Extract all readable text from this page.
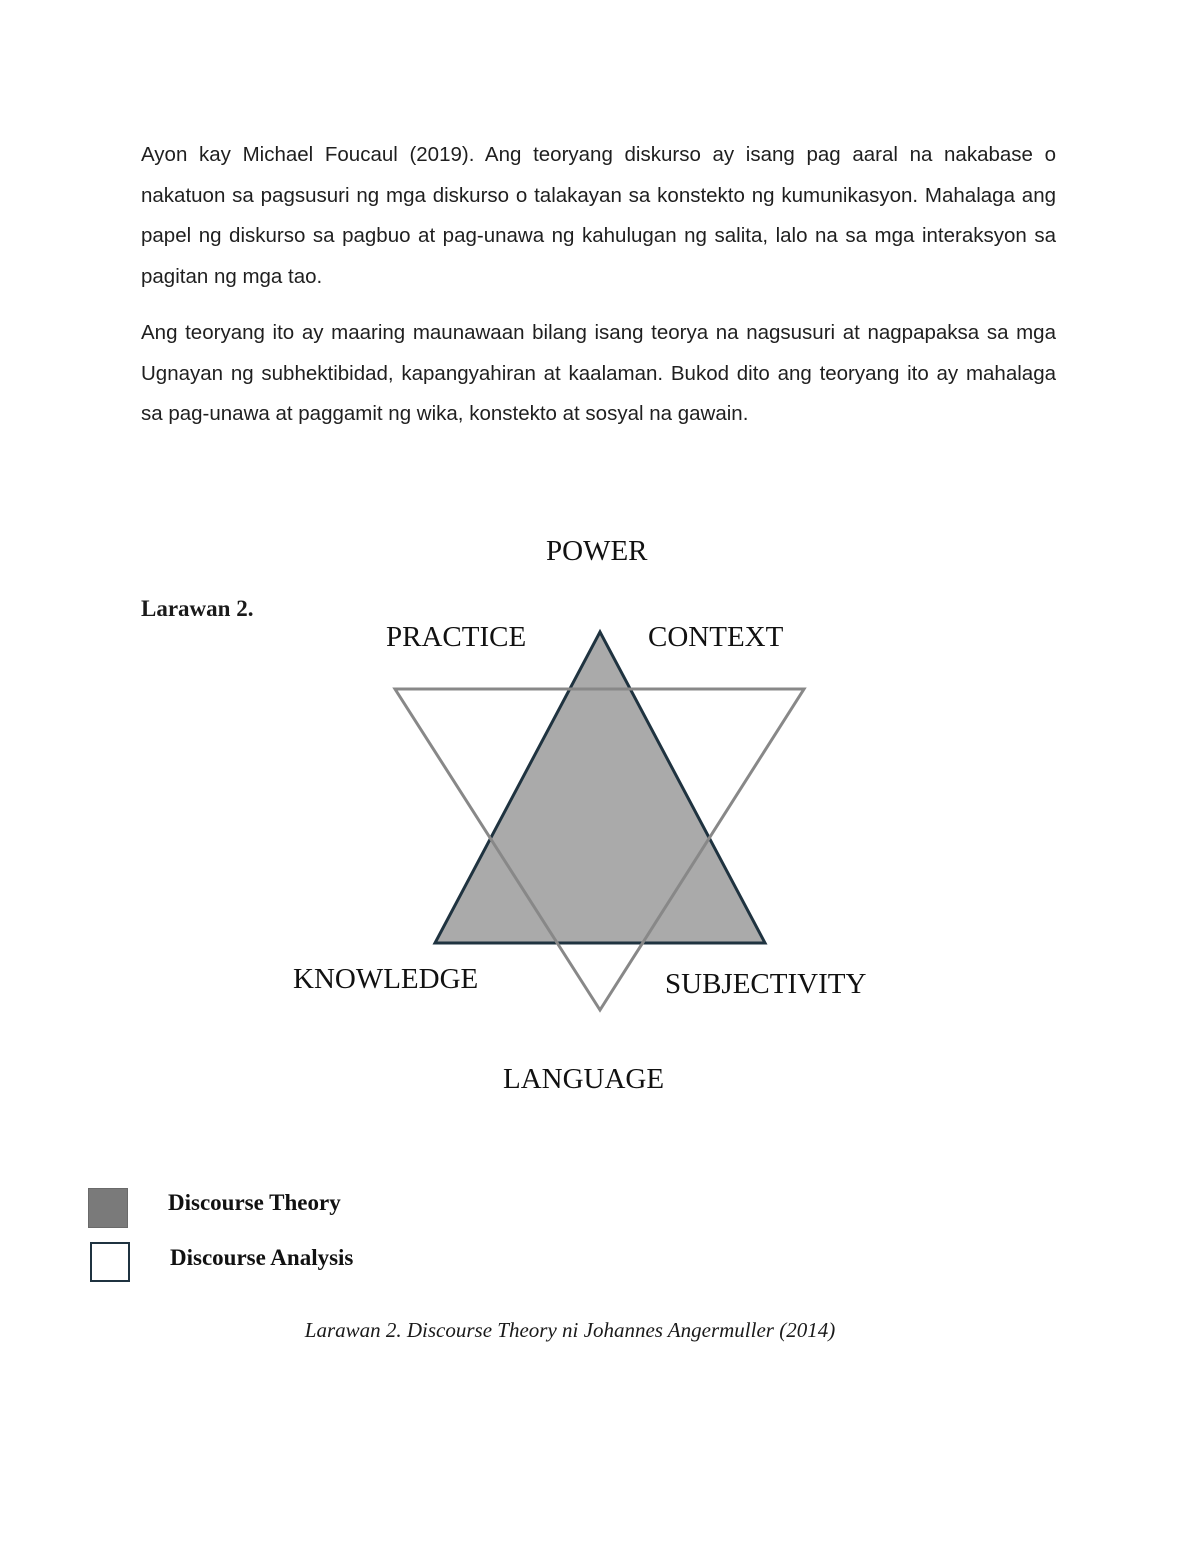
Ayon kay Michael Foucaul (2019). Ang teoryang diskurso ay isang pag aaral na nakabase o nakatuon sa pagsusuri ng mga diskurso o talakayan sa konstekto ng kumunikasyon. Mahalaga ang papel ng diskurso sa pagbuo at pag-unawa ng kahulugan ng salita, lalo na sa mga interaksyon sa pagitan ng mga tao.

Ang teoryang ito ay maaring maunawaan bilang isang teorya na nagsusuri at nagpapaksa sa mga Ugnayan ng subhektibidad, kapangyahiran at kaalaman. Bukod dito ang teoryang ito ay mahalaga sa pag-unawa at paggamit ng wika, konstekto at sosyal na gawain.

Larawan 2.
POWER
PRACTICE	CONTEXT
KNOWLEDGE	SUBJECTIVITY
LANGUAGE
Discourse Theory
Discourse Analysis
Larawan 2. Discourse Theory ni Johannes Angermuller (2014)
